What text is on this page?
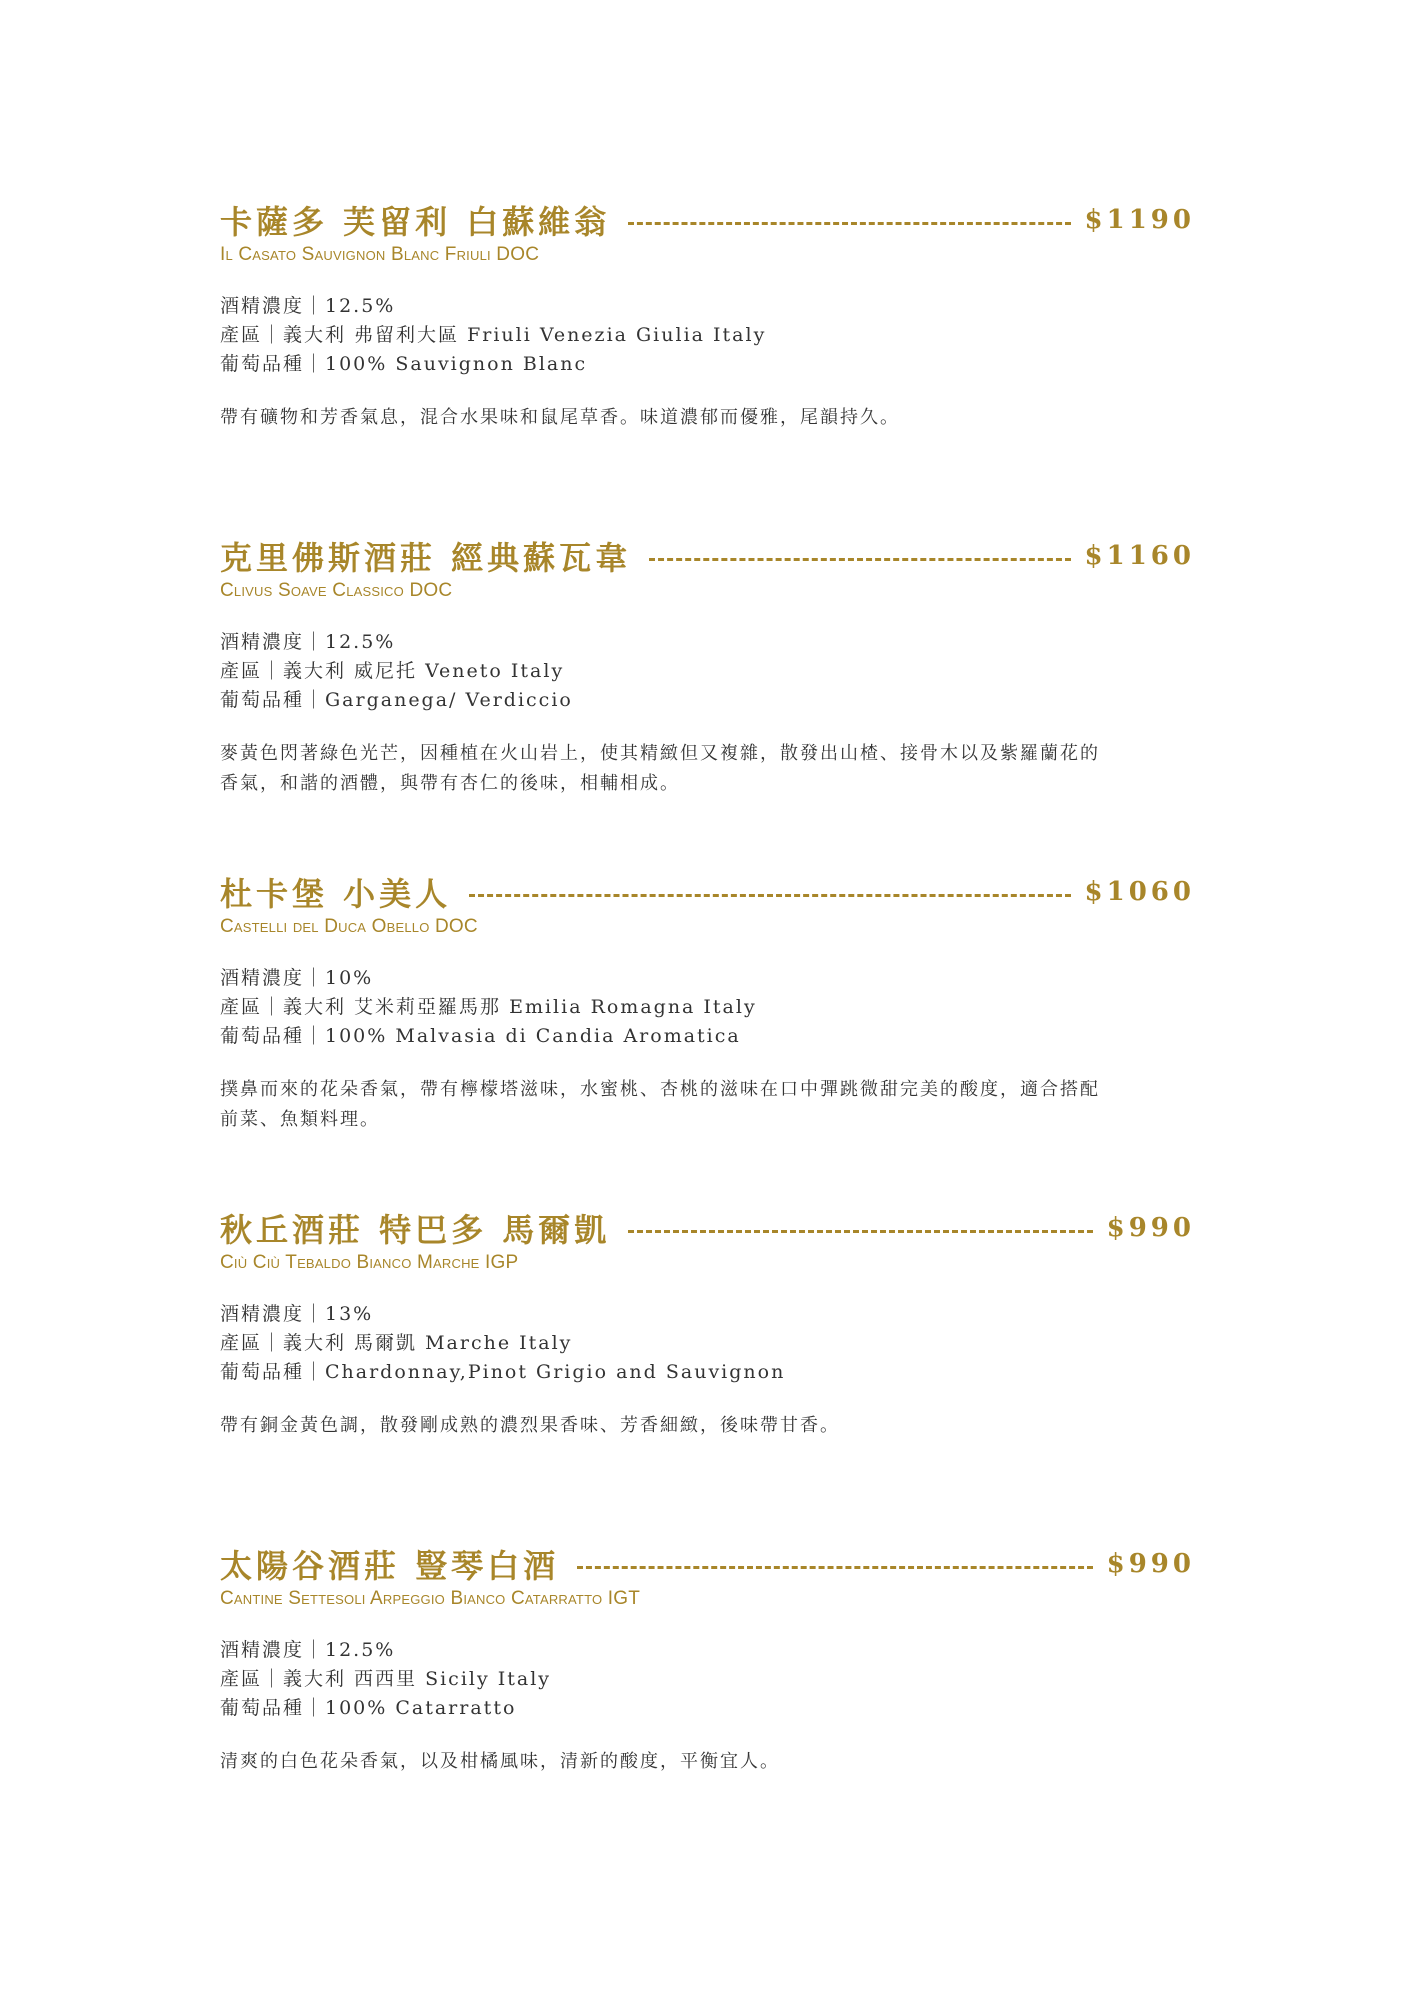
卡薩多 芙留利 白蘇維翁	$1190
Il Casato Sauvignon Blanc Friuli DOC
酒精濃度｜12.5%
產區｜義大利 弗留利大區 Friuli Venezia Giulia Italy
葡萄品種｜100% Sauvignon Blanc
帶有礦物和芳香氣息，混合水果味和鼠尾草香。味道濃郁而優雅，尾韻持久。
克里佛斯酒莊 經典蘇瓦韋	$1160
Clivus Soave Classico DOC
酒精濃度｜12.5%
產區｜義大利 威尼托 Veneto Italy
葡萄品種｜Garganega/ Verdiccio
麥黃色閃著綠色光芒，因種植在火山岩上，使其精緻但又複雜，散發出山楂、接骨木以及紫羅蘭花的香氣，和諧的酒體，與帶有杏仁的後味，相輔相成。
杜卡堡 小美人	$1060
Castelli del Duca Obello DOC
酒精濃度｜10%
產區｜義大利 艾米莉亞羅馬那 Emilia Romagna Italy
葡萄品種｜100% Malvasia di Candia Aromatica
撲鼻而來的花朵香氣，帶有檸檬塔滋味，水蜜桃、杏桃的滋味在口中彈跳微甜完美的酸度，適合搭配前菜、魚類料理。
秋丘酒莊 特巴多 馬爾凱	$990
Ciù Ciù Tebaldo Bianco Marche IGP
酒精濃度｜13%
產區｜義大利 馬爾凱 Marche Italy
葡萄品種｜Chardonnay,Pinot Grigio and Sauvignon
帶有銅金黃色調，散發剛成熟的濃烈果香味、芳香細緻，後味帶甘香。
太陽谷酒莊 豎琴白酒	$990
Cantine Settesoli Arpeggio Bianco Catarratto IGT
酒精濃度｜12.5%
產區｜義大利 西西里 Sicily Italy
葡萄品種｜100% Catarratto
清爽的白色花朵香氣，以及柑橘風味，清新的酸度，平衡宜人。
